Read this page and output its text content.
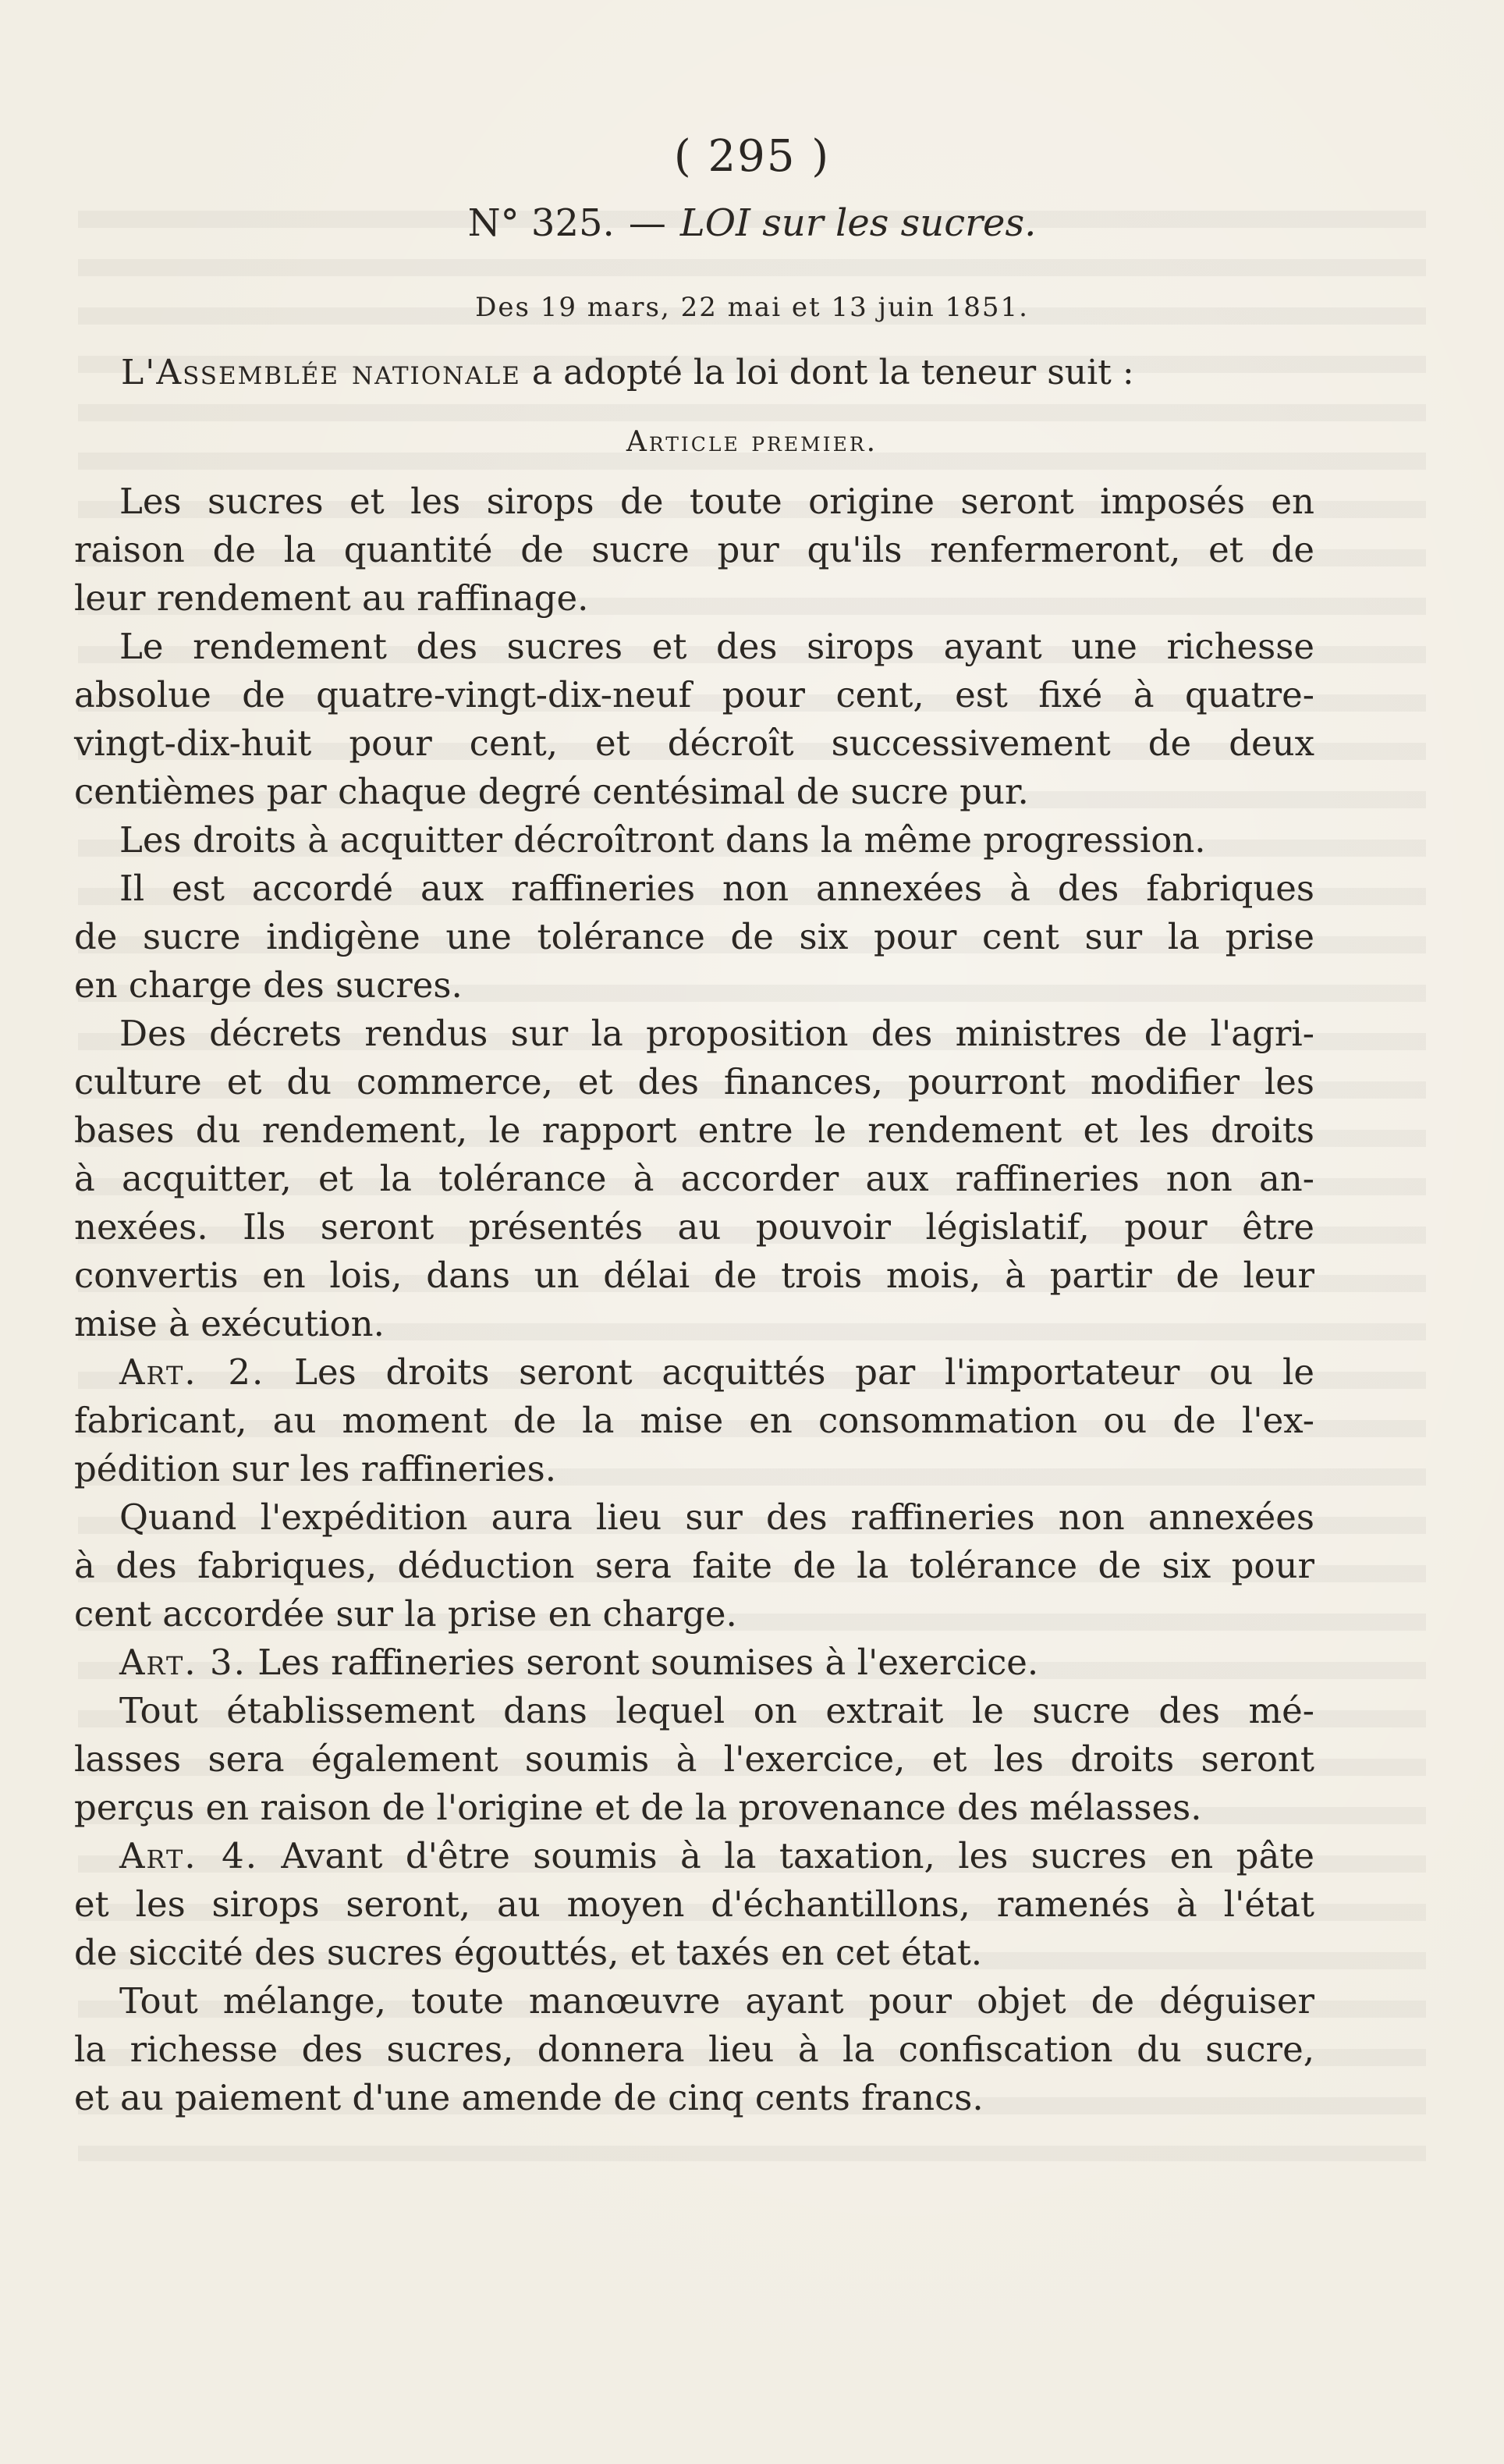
( 295 )
N° 325. — LOI sur les sucres.
Des 19 mars, 22 mai et 13 juin 1851.
L'Assemblée nationale a adopté la loi dont la teneur suit :
Article premier.
Les sucres et les sirops de toute origine seront imposés en
raison de la quantité de sucre pur qu'ils renfermeront, et de
leur rendement au raffinage.
Le rendement des sucres et des sirops ayant une richesse
absolue de quatre-vingt-dix-neuf pour cent, est fixé à quatre-
vingt-dix-huit pour cent, et décroît successivement de deux
centièmes par chaque degré centésimal de sucre pur.
Les droits à acquitter décroîtront dans la même progression.
Il est accordé aux raffineries non annexées à des fabriques
de sucre indigène une tolérance de six pour cent sur la prise
en charge des sucres.
Des décrets rendus sur la proposition des ministres de l'agri-
culture et du commerce, et des finances, pourront modifier les
bases du rendement, le rapport entre le rendement et les droits
à acquitter, et la tolérance à accorder aux raffineries non an-
nexées. Ils seront présentés au pouvoir législatif, pour être
convertis en lois, dans un délai de trois mois, à partir de leur
mise à exécution.
Art. 2. Les droits seront acquittés par l'importateur ou le
fabricant, au moment de la mise en consommation ou de l'ex-
pédition sur les raffineries.
Quand l'expédition aura lieu sur des raffineries non annexées
à des fabriques, déduction sera faite de la tolérance de six pour
cent accordée sur la prise en charge.
Art. 3. Les raffineries seront soumises à l'exercice.
Tout établissement dans lequel on extrait le sucre des mé-
lasses sera également soumis à l'exercice, et les droits seront
perçus en raison de l'origine et de la provenance des mélasses.
Art. 4. Avant d'être soumis à la taxation, les sucres en pâte
et les sirops seront, au moyen d'échantillons, ramenés à l'état
de siccité des sucres égouttés, et taxés en cet état.
Tout mélange, toute manœuvre ayant pour objet de déguiser
la richesse des sucres, donnera lieu à la confiscation du sucre,
et au paiement d'une amende de cinq cents francs.
